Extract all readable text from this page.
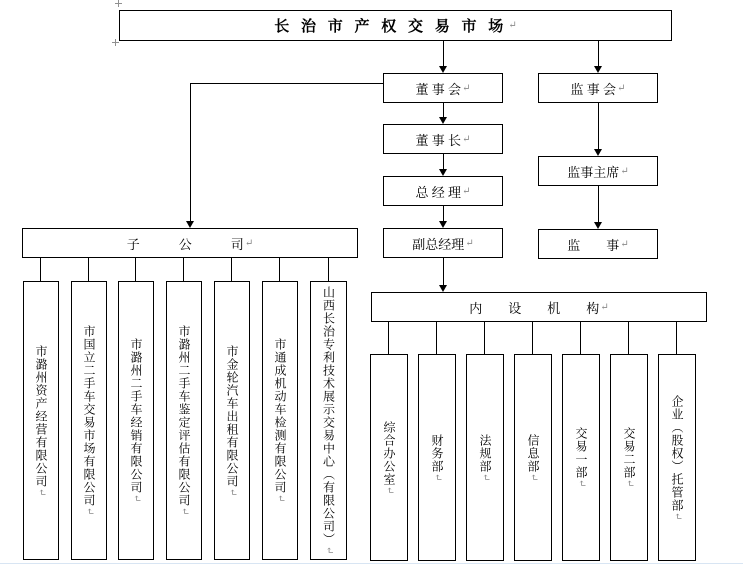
长 治 市 产 权 交 易 市 场 ↵
董 事 会 ↵	监 事 会 ↵
董 事 长 ↵
监事主席 ↵
总 经 理 ↵
副总经理 ↵	监　　事 ↵
子　　　公　　　司 ↵
内　　设　　机　　构 ↵
市潞州资产经营有限公司↵	市国立二手车交易市场有限公司↵
市潞州二手车经销有限公司↵	市潞州二手车鉴定评估有限公司↵
市金轮汽车出租有限公司↵	市通成机动车检测有限公司↵	山西长治专利技术展示交易中心（有限公司）↵
综合办公室↵
财务部↵
法规部↵
信息部↵	交易一部↵
交易二部↵	企业（股权）托管部↵
